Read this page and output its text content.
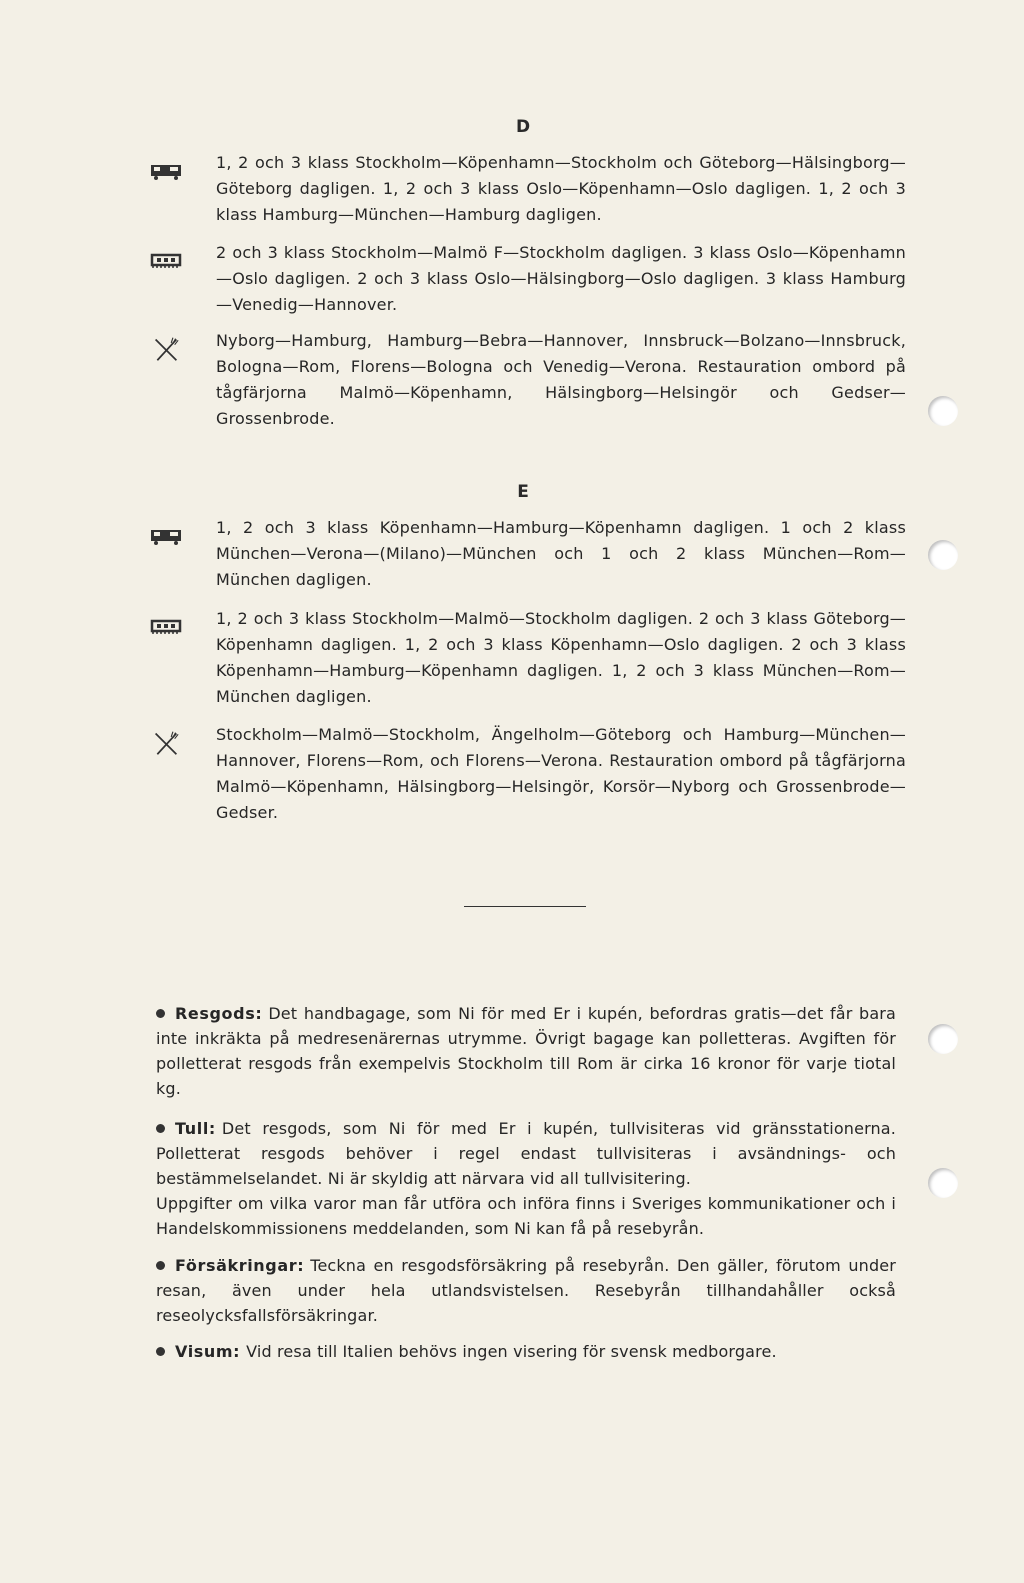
D
1, 2 och 3 klass Stockholm—Köpenhamn—Stockholm och Göteborg—Hälsingborg—Göteborg dagligen. 1, 2 och 3 klass Oslo—Köpenhamn—Oslo dagligen. 1, 2 och 3 klass Hamburg—München—Hamburg dagligen.
2 och 3 klass Stockholm—Malmö F—Stockholm dagligen. 3 klass Oslo—Köpenhamn—Oslo dagligen. 2 och 3 klass Oslo—Hälsingborg—Oslo dagligen. 3 klass Hamburg—Venedig—Hannover.
Nyborg—Hamburg, Hamburg—Bebra—Hannover, Innsbruck—Bolzano—Innsbruck, Bologna—Rom, Florens—Bologna och Venedig—Verona. Restauration ombord på tågfärjorna Malmö—Köpenhamn, Hälsingborg—Helsingör och Gedser—Grossenbrode.
E
1, 2 och 3 klass Köpenhamn—Hamburg—Köpenhamn dagligen. 1 och 2 klass München—Verona—(Milano)—München och 1 och 2 klass München—Rom—München dagligen.
1, 2 och 3 klass Stockholm—Malmö—Stockholm dagligen. 2 och 3 klass Göteborg—Köpenhamn dagligen. 1, 2 och 3 klass Köpenhamn—Oslo dagligen. 2 och 3 klass Köpenhamn—Hamburg—Köpenhamn dagligen. 1, 2 och 3 klass München—Rom—München dagligen.
Stockholm—Malmö—Stockholm, Ängelholm—Göteborg och Hamburg—München—Hannover, Florens—Rom, och Florens—Verona. Restauration ombord på tågfärjorna Malmö—Köpenhamn, Hälsingborg—Helsingör, Korsör—Nyborg och Grossenbrode—Gedser.
Resgods: Det handbagage, som Ni för med Er i kupén, befordras gratis—det får bara inte inkräkta på medresenärernas utrymme. Övrigt bagage kan polletteras. Avgiften för polletterat resgods från exempelvis Stockholm till Rom är cirka 16 kronor för varje tiotal kg.
Tull: Det resgods, som Ni för med Er i kupén, tullvisiteras vid gränsstationerna. Polletterat resgods behöver i regel endast tullvisiteras i avsändnings- och bestämmelselandet. Ni är skyldig att närvara vid all tullvisitering.
Uppgifter om vilka varor man får utföra och införa finns i Sveriges kommunikationer och i Handelskommissionens meddelanden, som Ni kan få på resebyrån.
Försäkringar: Teckna en resgodsförsäkring på resebyrån. Den gäller, förutom under resan, även under hela utlandsvistelsen. Resebyrån tillhandahåller också reseolycksfallsförsäkringar.
Visum: Vid resa till Italien behövs ingen visering för svensk medborgare.
